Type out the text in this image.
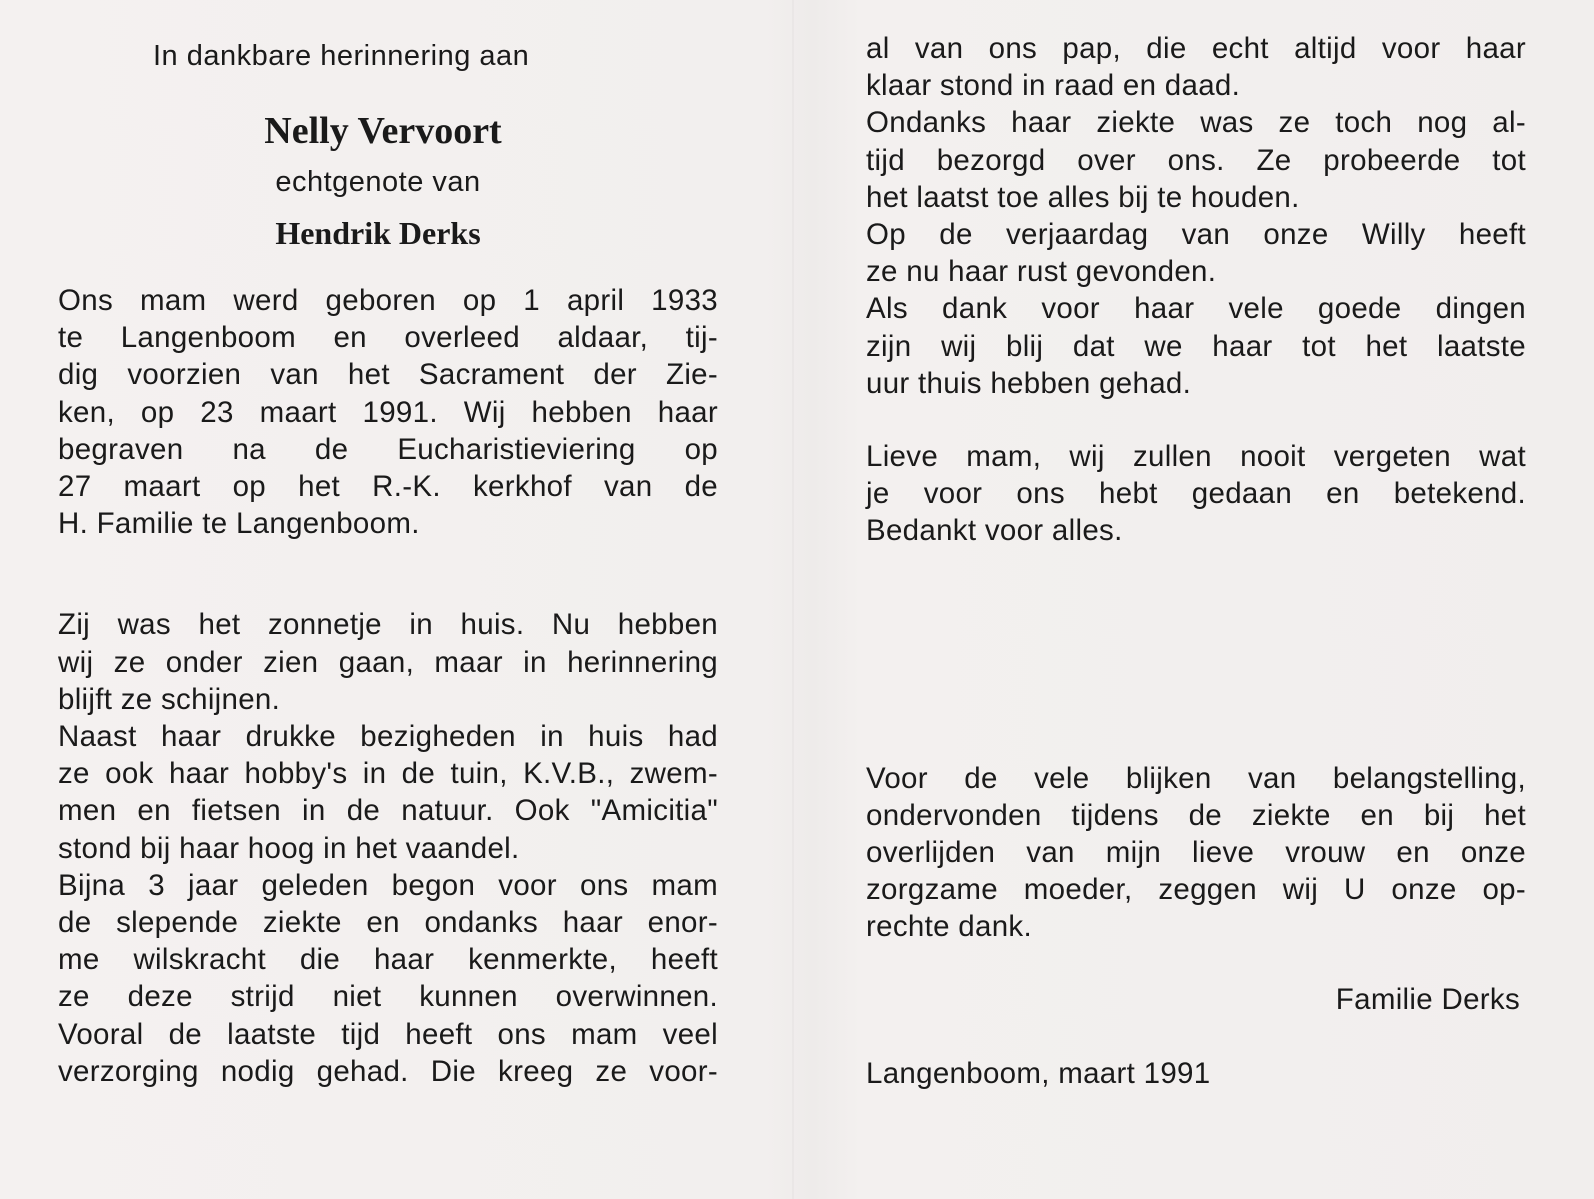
In dankbare herinnering aan
Nelly Vervoort
echtgenote van
Hendrik Derks

Ons mam werd geboren op 1 april 1933
te Langenboom en overleed aldaar, tij-
dig voorzien van het Sacrament der Zie-
ken, op 23 maart 1991. Wij hebben haar
begraven na de Eucharistieviering op
27 maart op het R.-K. kerkhof van de
H. Familie te Langenboom.

Zij was het zonnetje in huis. Nu hebben
wij ze onder zien gaan, maar in herinnering
blijft ze schijnen.
Naast haar drukke bezigheden in huis had
ze ook haar hobby's in de tuin, K.V.B., zwem-
men en fietsen in de natuur. Ook "Amicitia"
stond bij haar hoog in het vaandel.
Bijna 3 jaar geleden begon voor ons mam
de slepende ziekte en ondanks haar enor-
me wilskracht die haar kenmerkte, heeft
ze deze strijd niet kunnen overwinnen.
Vooral de laatste tijd heeft ons mam veel
verzorging nodig gehad. Die kreeg ze voor-

al van ons pap, die echt altijd voor haar
klaar stond in raad en daad.
Ondanks haar ziekte was ze toch nog al-
tijd bezorgd over ons. Ze probeerde tot
het laatst toe alles bij te houden.
Op de verjaardag van onze Willy heeft
ze nu haar rust gevonden.
Als dank voor haar vele goede dingen
zijn wij blij dat we haar tot het laatste
uur thuis hebben gehad.

Lieve mam, wij zullen nooit vergeten wat
je voor ons hebt gedaan en betekend.
Bedankt voor alles.

Voor de vele blijken van belangstelling,
ondervonden tijdens de ziekte en bij het
overlijden van mijn lieve vrouw en onze
zorgzame moeder, zeggen wij U onze op-
rechte dank.

Familie Derks
Langenboom, maart 1991
